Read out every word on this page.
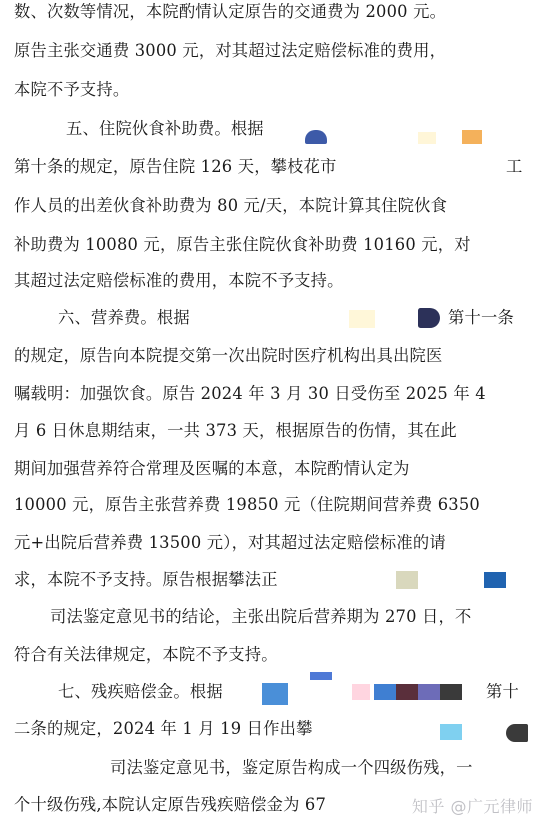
数、次数等情况，本院酌情认定原告的交通费为 2000 元。
原告主张交通费 3000 元，对其超过法定赔偿标准的费用，
本院不予支持。
五、住院伙食补助费。根据
第十条的规定，原告住院 126 天，攀枝花市	工
作人员的出差伙食补助费为 80 元/天，本院计算其住院伙食
补助费为 10080 元，原告主张住院伙食补助费 10160 元，对
其超过法定赔偿标准的费用，本院不予支持。
六、营养费。根据	第十一条
的规定，原告向本院提交第一次出院时医疗机构出具出院医
嘱载明：加强饮食。原告 2024 年 3 月 30 日受伤至 2025 年 4
月 6 日休息期结束，一共 373 天，根据原告的伤情，其在此
期间加强营养符合常理及医嘱的本意，本院酌情认定为
10000 元，原告主张营养费 19850 元（住院期间营养费 6350
元+出院后营养费 13500 元），对其超过法定赔偿标准的请
求，本院不予支持。原告根据攀法正
司法鉴定意见书的结论，主张出院后营养期为 270 日，不
符合有关法律规定，本院不予支持。
七、残疾赔偿金。根据	第十
二条的规定，2024 年 1 月 19 日作出攀
司法鉴定意见书，鉴定原告构成一个四级伤残，一
个十级伤残,本院认定原告残疾赔偿金为 67	知乎 @广元律师
